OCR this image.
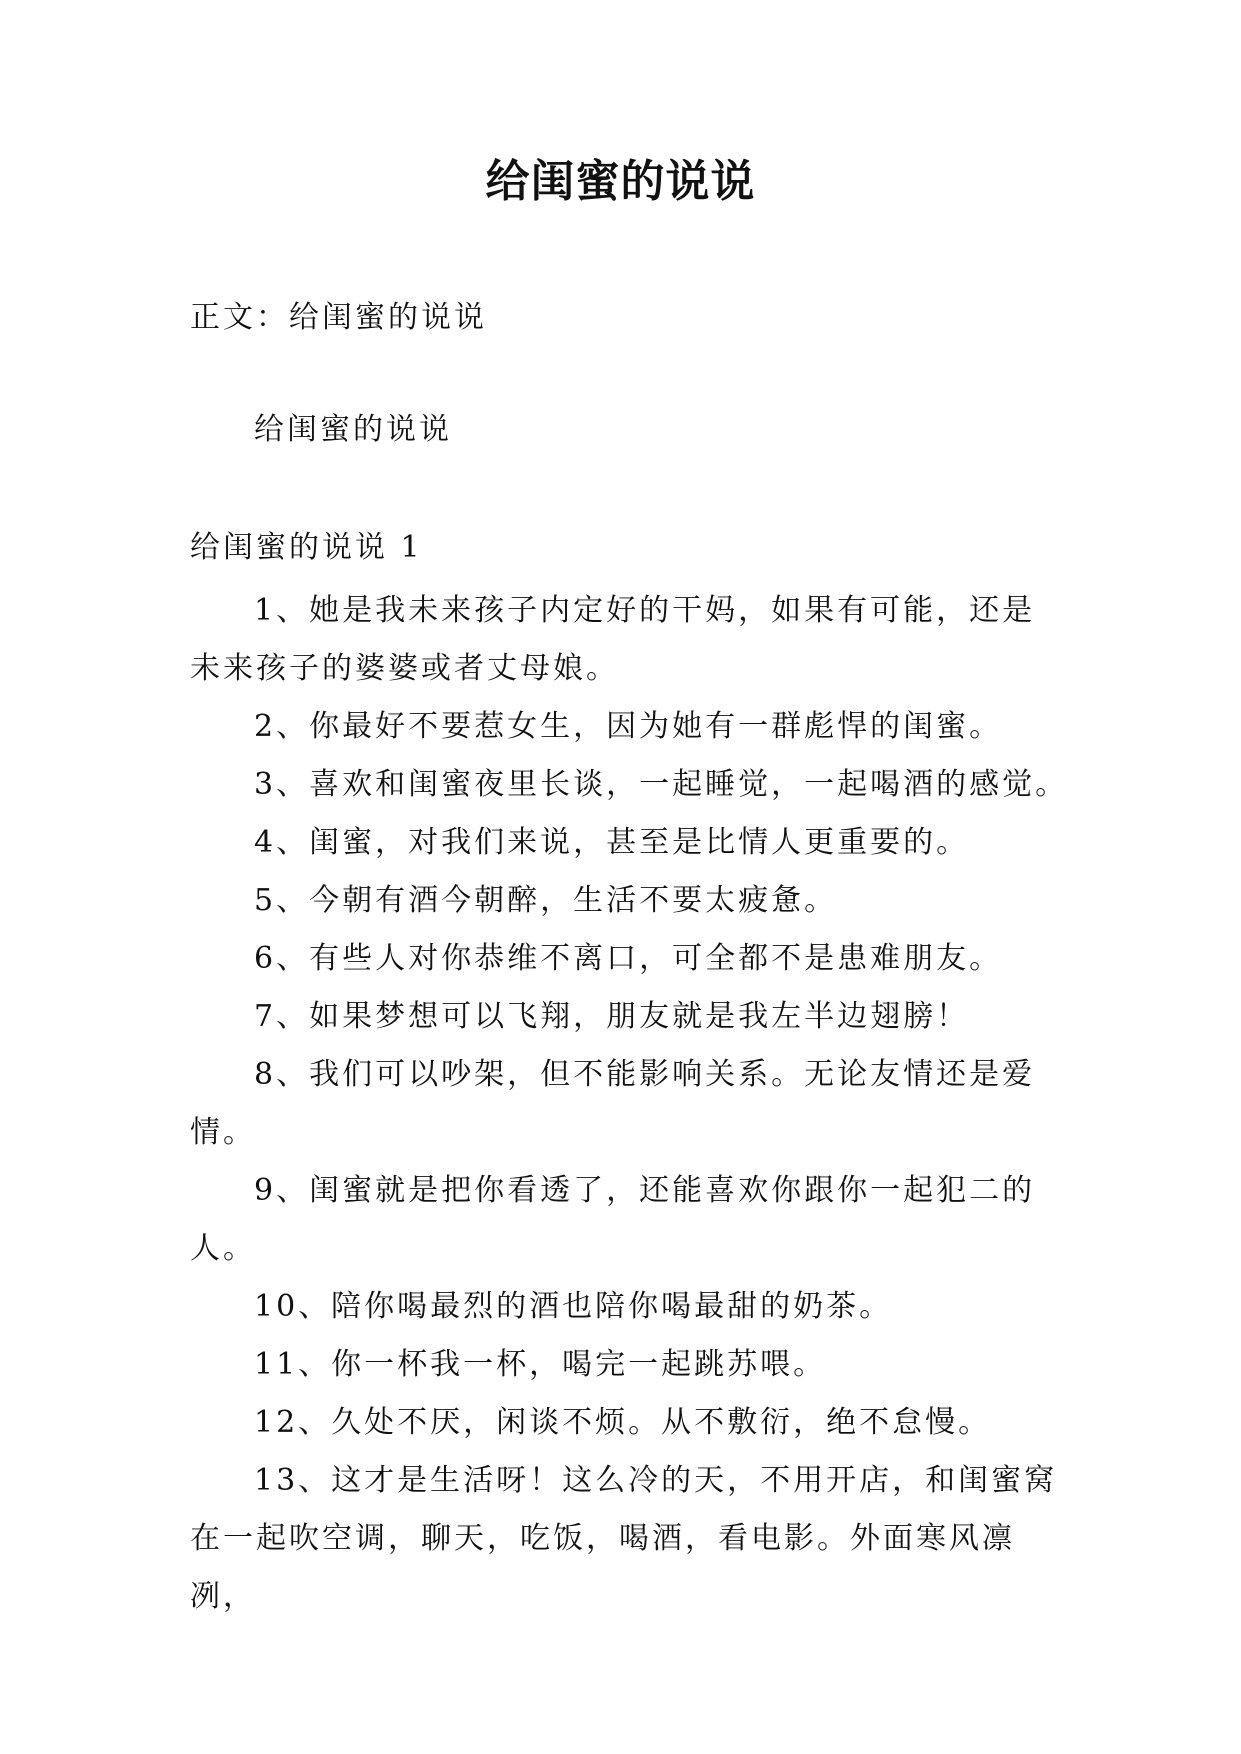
给闺蜜的说说
正文：给闺蜜的说说
给闺蜜的说说
给闺蜜的说说 1

1、她是我未来孩子内定好的干妈，如果有可能，还是
未来孩子的婆婆或者丈母娘。

2、你最好不要惹女生，因为她有一群彪悍的闺蜜。

3、喜欢和闺蜜夜里长谈，一起睡觉，一起喝酒的感觉。

4、闺蜜，对我们来说，甚至是比情人更重要的。

5、今朝有酒今朝醉，生活不要太疲惫。

6、有些人对你恭维不离口，可全都不是患难朋友。

7、如果梦想可以飞翔，朋友就是我左半边翅膀！

8、我们可以吵架，但不能影响关系。无论友情还是爱
情。

9、闺蜜就是把你看透了，还能喜欢你跟你一起犯二的
人。

10、陪你喝最烈的酒也陪你喝最甜的奶茶。

11、你一杯我一杯，喝完一起跳苏喂。

12、久处不厌，闲谈不烦。从不敷衍，绝不怠慢。

13、这才是生活呀！这么冷的天，不用开店，和闺蜜窝
在一起吹空调，聊天，吃饭，喝酒，看电影。外面寒风凛冽，
